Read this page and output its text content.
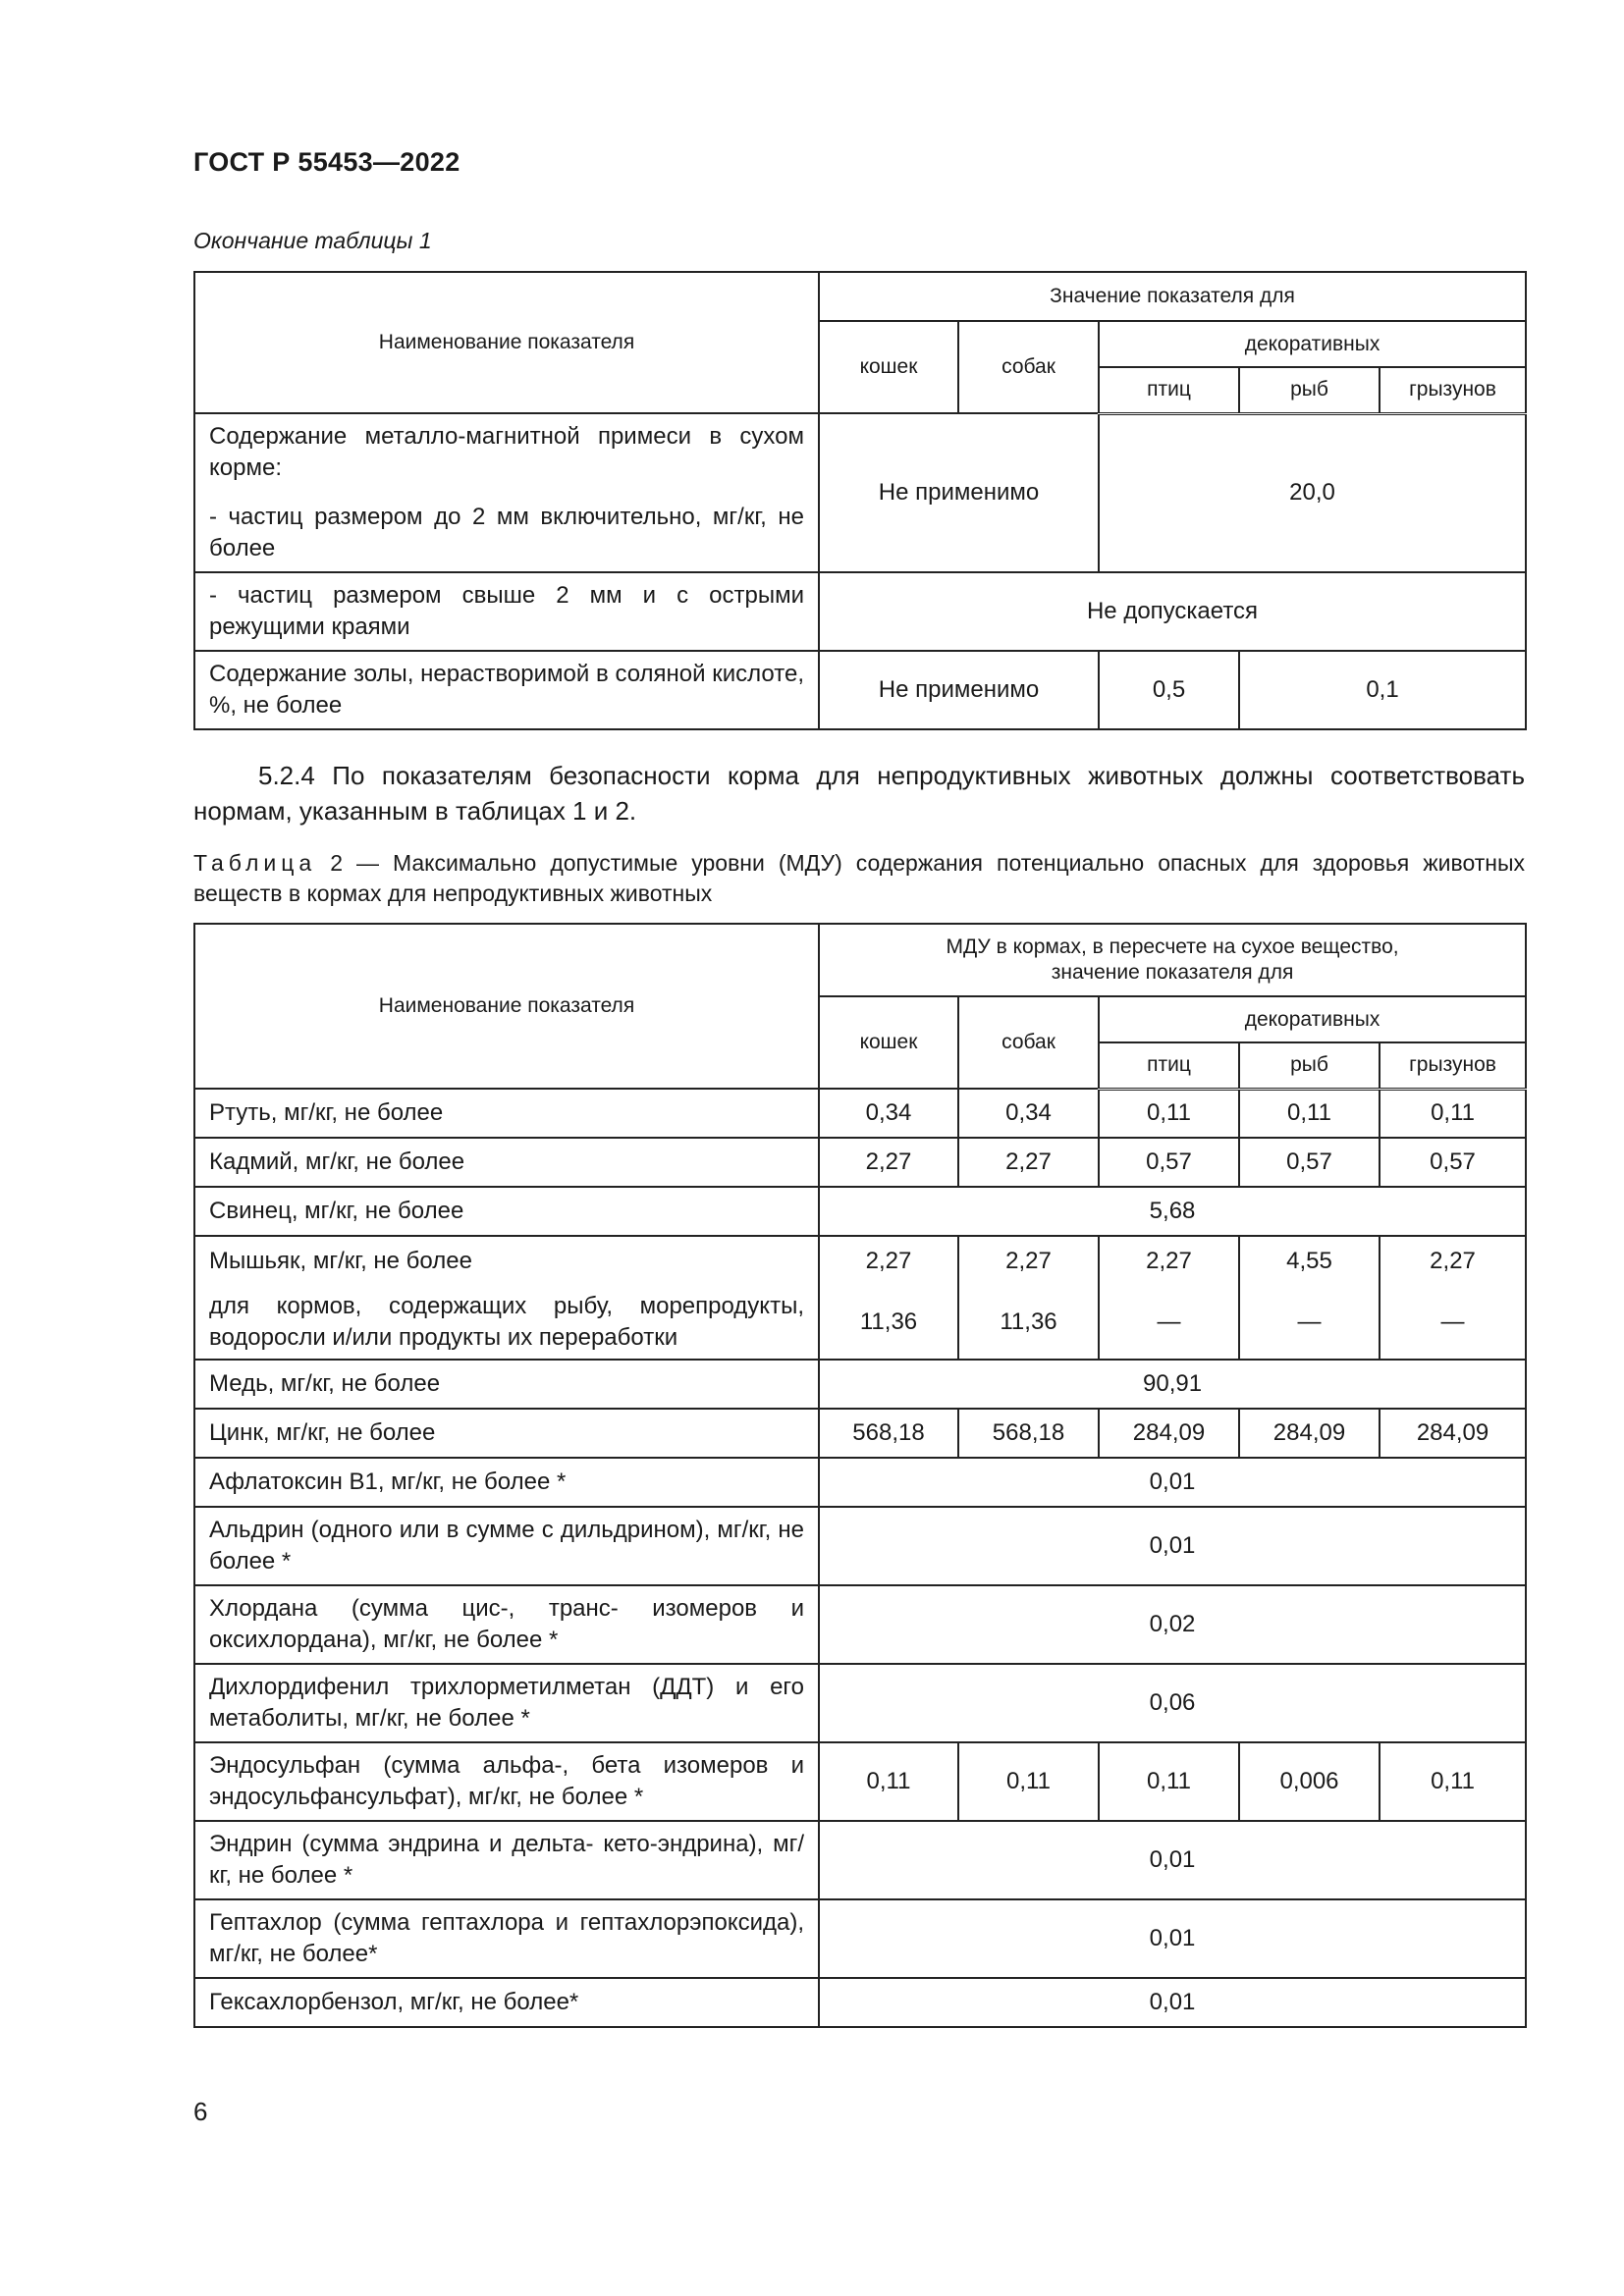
ГОСТ Р 55453—2022
Окончание таблицы 1
Наименование показателя	Значение показателя для				
	кошек	собак	декоративных		
			птиц	рыб	грызунов

Содержание металло-магнитной примеси в сухом корме:

- частиц размером до 2 мм включительно, мг/кг, не более	Не применимо		20,0		
- частиц размером свыше 2 мм и с острыми режущими краями	Не допускается				
Содержание золы, нерастворимой в соляной кислоте, %, не более	Не применимо		0,5	0,1	
5.2.4 По показателям безопасности корма для непродуктивных животных должны соответствовать нормам, указанным в таблицах 1 и 2.
Таблица 2 — Максимально допустимые уровни (МДУ) содержания потенциально опасных для здоровья животных веществ в кормах для непродуктивных животных
Наименование показателя	МДУ в кормах, в пересчете на сухое вещество,
значение показателя для				

	кошек	собак	декоративных		
			птиц	рыб	грызунов
Ртуть, мг/кг, не более	0,34	0,34	0,11	0,11	0,11
Кадмий, мг/кг, не более	2,27	2,27	0,57	0,57	0,57
Свинец, мг/кг, не более	5,68				
Мышьяк, мг/кг, не более	2,27	2,27	2,27	4,55	2,27
для кормов, содержащих рыбу, морепродукты, водоросли и/или продукты их переработки	11,36	11,36	—	—	—
Медь, мг/кг, не более	90,91				
Цинк, мг/кг, не более	568,18	568,18	284,09	284,09	284,09
Афлатоксин В1, мг/кг, не более *	0,01				
Альдрин (одного или в сумме с дильдрином), мг/кг, не более *	0,01				
Хлордана (сумма цис-, транс- изомеров и оксихлордана), мг/кг, не более *	0,02				
Дихлордифенил трихлорметилметан (ДДТ) и его метаболиты, мг/кг, не более *	0,06				
Эндосульфан (сумма альфа-, бета изомеров и эндосульфансульфат), мг/кг, не более *	0,11	0,11	0,11	0,006	0,11
Эндрин (сумма эндрина и дельта- кето-эндрина), мг/кг, не более *	0,01				
Гептахлор (сумма гептахлора и гептахлорэпоксида), мг/кг, не более*	0,01				
Гексахлорбензол, мг/кг, не более*	0,01				
6
